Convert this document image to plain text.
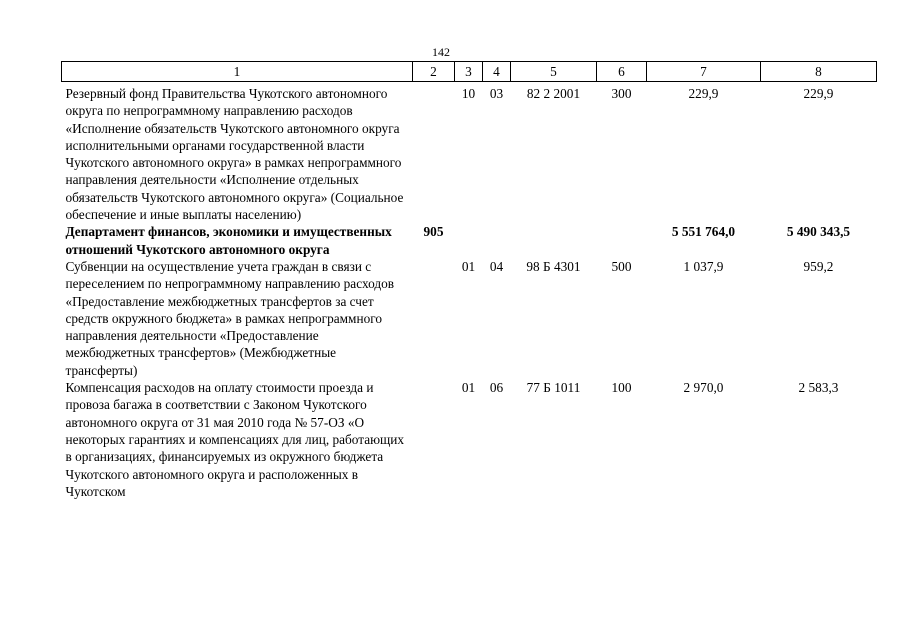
142
1	2	3	4	5	6	7	8
Резервный фонд Правительства Чукотского автономного округа по непрограммному направлению расходов «Исполнение обязательств Чукотского автономного округа исполнительными органами государственной власти Чукотского автономного округа» в рамках непрограммного направления деятельности «Исполнение отдельных обязательств Чукотского автономного округа» (Социальное обеспечение и иные выплаты населению)		10	03	82 2 2001	300	229,9	229,9
Департамент финансов, экономики и имущественных отношений Чукотского автономного округа	905					5 551 764,0	5 490 343,5
Субвенции на осуществление учета граждан в связи с переселением по непрограммному направлению расходов «Предоставление межбюджетных трансфертов за счет средств окружного бюджета» в рамках непрограммного направления деятельности «Предоставление межбюджетных трансфертов» (Межбюджетные трансферты)		01	04	98 Б 4301	500	1 037,9	959,2
Компенсация расходов на оплату стоимости проезда и провоза багажа в соответствии с Законом Чукотского автономного округа от 31 мая 2010 года № 57-ОЗ «О некоторых гарантиях и компенсациях для лиц, работающих в организациях, финансируемых из окружного бюджета Чукотского автономного округа и расположенных в Чукотском		01	06	77 Б 1011	100	2 970,0	2 583,3
